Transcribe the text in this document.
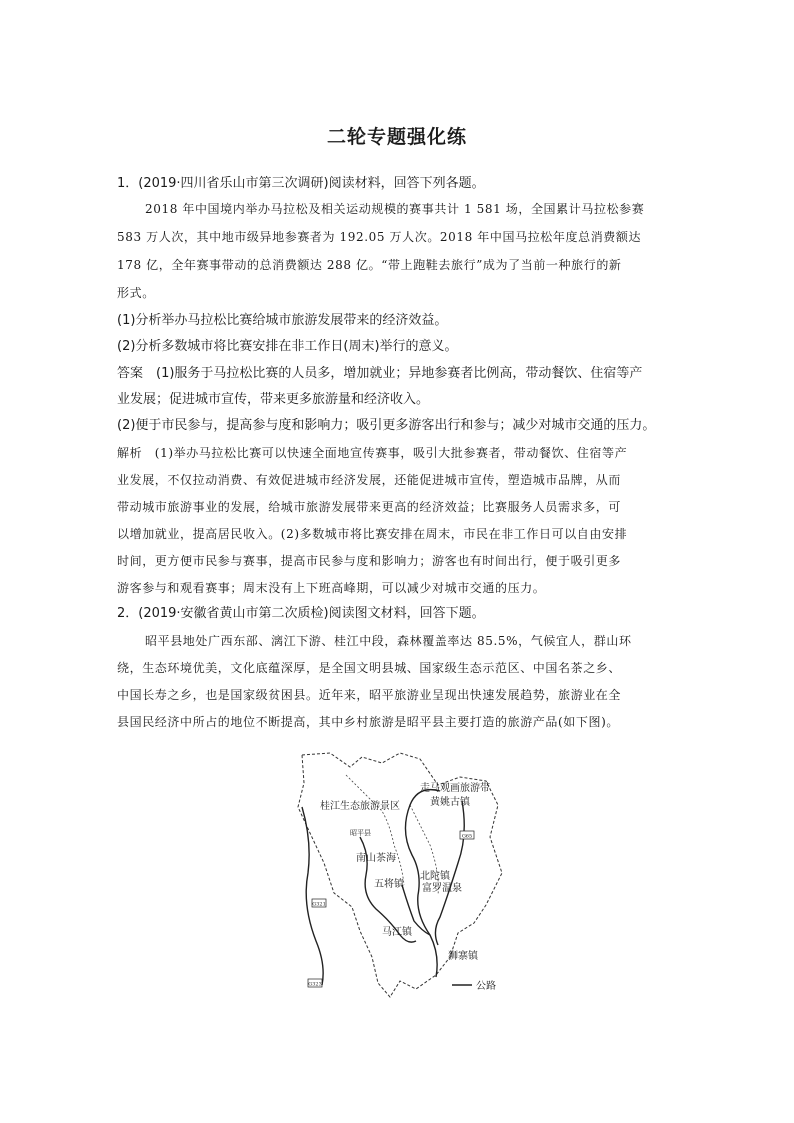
二轮专题强化练
1．(2019·四川省乐山市第三次调研)阅读材料，回答下列各题。
2018 年中国境内举办马拉松及相关运动规模的赛事共计 1 581 场，全国累计马拉松参赛
583 万人次，其中地市级异地参赛者为 192.05 万人次。2018 年中国马拉松年度总消费额达
178 亿，全年赛事带动的总消费额达 288 亿。“带上跑鞋去旅行”成为了当前一种旅行的新
形式。
(1)分析举办马拉松比赛给城市旅游发展带来的经济效益。
(2)分析多数城市将比赛安排在非工作日(周末)举行的意义。
答案　(1)服务于马拉松比赛的人员多，增加就业；异地参赛者比例高，带动餐饮、住宿等产
业发展；促进城市宣传，带来更多旅游量和经济收入。
(2)便于市民参与，提高参与度和影响力；吸引更多游客出行和参与；减少对城市交通的压力。
解析　(1)举办马拉松比赛可以快速全面地宣传赛事，吸引大批参赛者，带动餐饮、住宿等产
业发展，不仅拉动消费、有效促进城市经济发展，还能促进城市宣传，塑造城市品牌，从而
带动城市旅游事业的发展，给城市旅游发展带来更高的经济效益；比赛服务人员需求多，可
以增加就业，提高居民收入。(2)多数城市将比赛安排在周末，市民在非工作日可以自由安排
时间，更方便市民参与赛事，提高市民参与度和影响力；游客也有时间出行，便于吸引更多
游客参与和观看赛事；周末没有上下班高峰期，可以减少对城市交通的压力。
2．(2019·安徽省黄山市第二次质检)阅读图文材料，回答下题。
昭平县地处广西东部、漓江下游、桂江中段，森林覆盖率达 85.5%，气候宜人，群山环
绕，生态环境优美，文化底蕴深厚，是全国文明县城、国家级生态示范区、中国名茶之乡、
中国长寿之乡，也是国家级贫困县。近年来，昭平旅游业呈现出快速发展趋势，旅游业在全
县国民经济中所占的地位不断提高，其中乡村旅游是昭平县主要打造的旅游产品(如下图)。
G65
G321
G323
走马观画旅游带
黄姚古镇
桂江生态旅游景区
昭平县
南山茶海
北陀镇
五将镇 富罗温泉
马江镇
狮寨镇
公路
